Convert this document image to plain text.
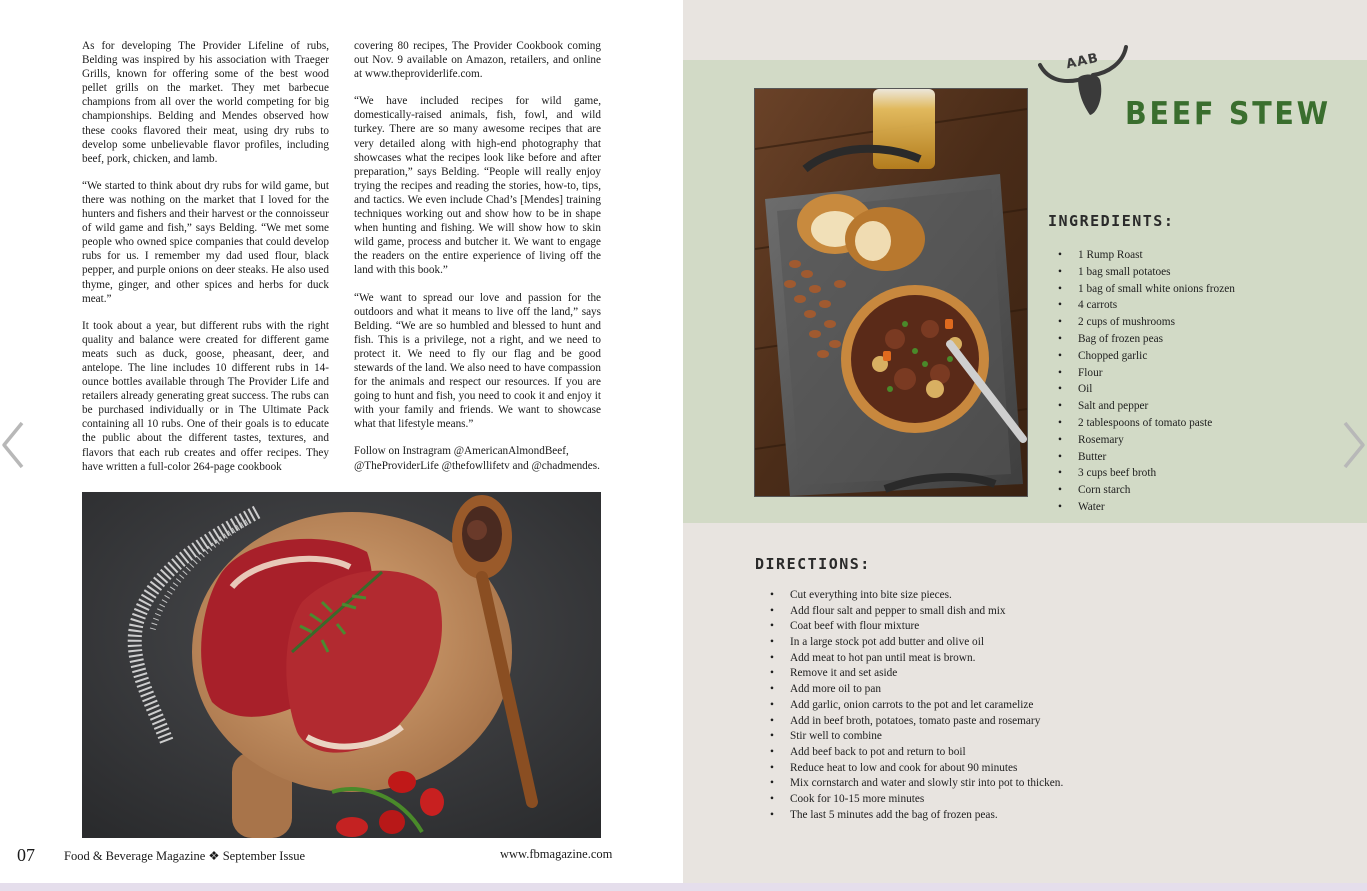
As for developing The Provider Lifeline of rubs, Belding was inspired by his association with Traeger Grills, known for offering some of the best wood pellet grills on the market. They met barbecue champions from all over the world competing for big championships. Belding and Mendes observed how these cooks flavored their meat, using dry rubs to develop some unbelievable flavor profiles, including beef, pork, chicken, and lamb.

“We started to think about dry rubs for wild game, but there was nothing on the market that I loved for the hunters and fishers and their harvest or the connoisseur of wild game and fish,” says Belding. “We met some people who owned spice companies that could develop rubs for us. I remember my dad used flour, black pepper, and purple onions on deer steaks. He also used thyme, ginger, and other spices and herbs for duck meat.”

It took about a year, but different rubs with the right quality and balance were created for different game meats such as duck, goose, pheasant, deer, and antelope. The line includes 10 different rubs in 14-ounce bottles available through The Provider Life and retailers already generating great success. The rubs can be purchased individually or in The Ultimate Pack containing all 10 rubs. One of their goals is to educate the public about the different tastes, textures, and flavors that each rub creates and offer recipes. They have written a full-color 264-page cookbook

covering 80 recipes, The Provider Cookbook coming out Nov. 9 available on Amazon, retailers, and online at www.theproviderlife.com.

“We have included recipes for wild game, domestically-raised animals, fish, fowl, and wild turkey. There are so many awesome recipes that are very detailed along with high-end photography that showcases what the recipes look like before and after preparation,” says Belding. “People will really enjoy trying the recipes and reading the stories, how-to, tips, and tactics. We even include Chad’s [Mendes] training techniques working out and show how to be in shape when hunting and fishing. We will show how to skin wild game, process and butcher it. We want to engage the readers on the entire experience of living off the land with this book.”

“We want to spread our love and passion for the outdoors and what it means to live off the land,” says Belding. “We are so humbled and blessed to hunt and fish. This is a privilege, not a right, and we need to protect it. We need to fly our flag and be good stewards of the land. We also need to have compassion for the animals and respect our resources. If you are going to hunt and fish, you need to cook it and enjoy it with your family and friends. We want to showcase what that lifestyle means.”

Follow on Instragram @AmericanAlmondBeef, @TheProviderLife @thefowllifetv and @chadmendes.

07 Food & Beverage Magazine ❖ September Issue	www.fbmagazine.com
AAB
BEEF STEW
INGREDIENTS:
• 1 Rump Roast
• 1 bag small potatoes
• 1 bag of small white onions frozen
• 4 carrots
• 2 cups of mushrooms
• Bag of frozen peas
• Chopped garlic
• Flour
• Oil
• Salt and pepper
• 2 tablespoons of tomato paste
• Rosemary
• Butter
• 3 cups beef broth
• Corn starch
• Water
DIRECTIONS:
• Cut everything into bite size pieces.
• Add flour salt and pepper to small dish and mix
• Coat beef with flour mixture
• In a large stock pot add butter and olive oil
• Add meat to hot pan until meat is brown.
• Remove it and set aside
• Add more oil to pan
• Add garlic, onion carrots to the pot and let caramelize
• Add in beef broth, potatoes, tomato paste and rosemary
• Stir well to combine
• Add beef back to pot and return to boil
• Reduce heat to low and cook for about 90 minutes
• Mix cornstarch and water and slowly stir into pot to thicken.
• Cook for 10-15 more minutes
• The last 5 minutes add the bag of frozen peas.
